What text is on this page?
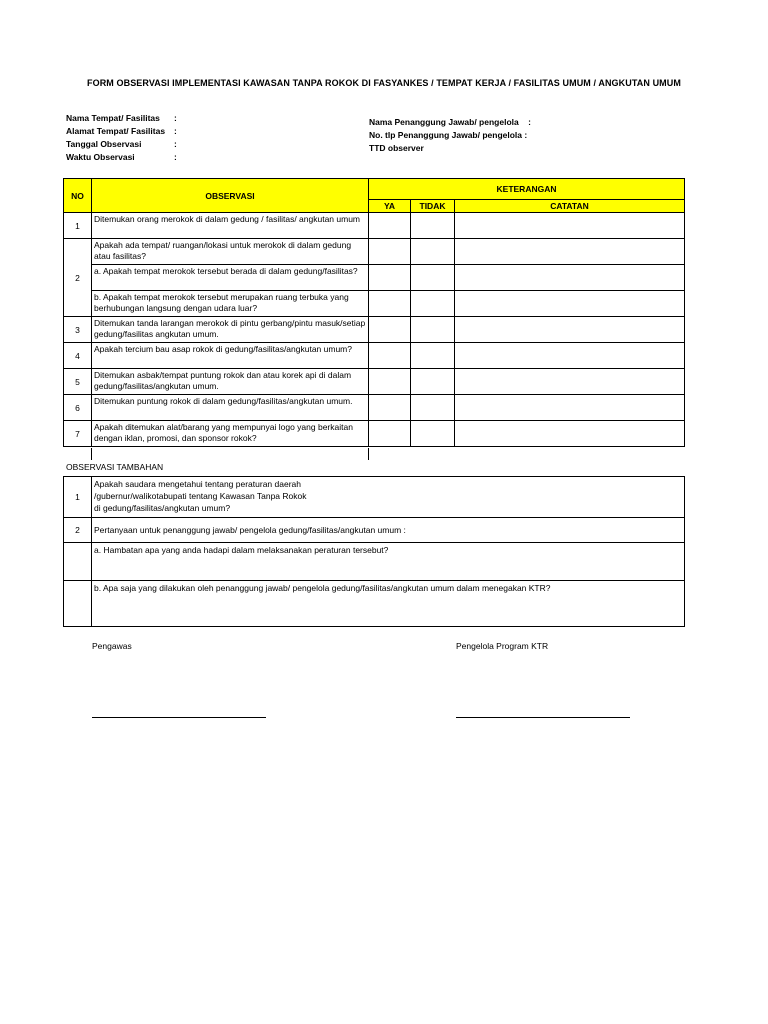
FORM OBSERVASI IMPLEMENTASI KAWASAN TANPA ROKOK DI FASYANKES / TEMPAT KERJA / FASILITAS UMUM / ANGKUTAN UMUM
Nama Tempat/ Fasilitas	:
Alamat Tempat/ Fasilitas	:
Tanggal Observasi	:
Waktu Observasi	:
Nama Penanggung Jawab/ pengelola    :
No. tlp Penanggung Jawab/ pengelola :
TTD observer
NO	OBSERVASI	KETERANGAN		
		YA	TIDAK	CATATAN
1	Ditemukan orang merokok di dalam gedung / fasilitas/ angkutan umum			
2	Apakah ada tempat/ ruangan/lokasi untuk merokok di dalam gedung atau fasilitas?			
	a. Apakah tempat merokok tersebut berada di dalam gedung/fasilitas?			
	b. Apakah tempat merokok tersebut merupakan ruang terbuka yang berhubungan langsung dengan udara luar?			
3	Ditemukan tanda larangan merokok di pintu gerbang/pintu masuk/setiap gedung/fasilitas angkutan umum.			
4	Apakah tercium bau asap rokok di gedung/fasilitas/angkutan umum?			
5	Ditemukan asbak/tempat puntung rokok dan atau korek api di dalam gedung/fasilitas/angkutan umum.			
6	Ditemukan puntung rokok di dalam gedung/fasilitas/angkutan umum.			
7	Apakah ditemukan alat/barang yang mempunyai logo yang berkaitan dengan iklan, promosi, dan sponsor rokok?			
OBSERVASI TAMBAHAN
1	Apakah saudara mengetahui tentang peraturan daerah
/gubernur/walikotabupati tentang Kawasan Tanpa Rokok
di gedung/fasilitas/angkutan umum?

2	Pertanyaan untuk penanggung jawab/ pengelola gedung/fasilitas/angkutan umum :
	a. Hambatan apa yang anda hadapi dalam melaksanakan peraturan tersebut?
	b. Apa saja yang dilakukan oleh penanggung jawab/ pengelola gedung/fasilitas/angkutan umum dalam menegakan KTR?
Pengawas	Pengelola Program KTR
